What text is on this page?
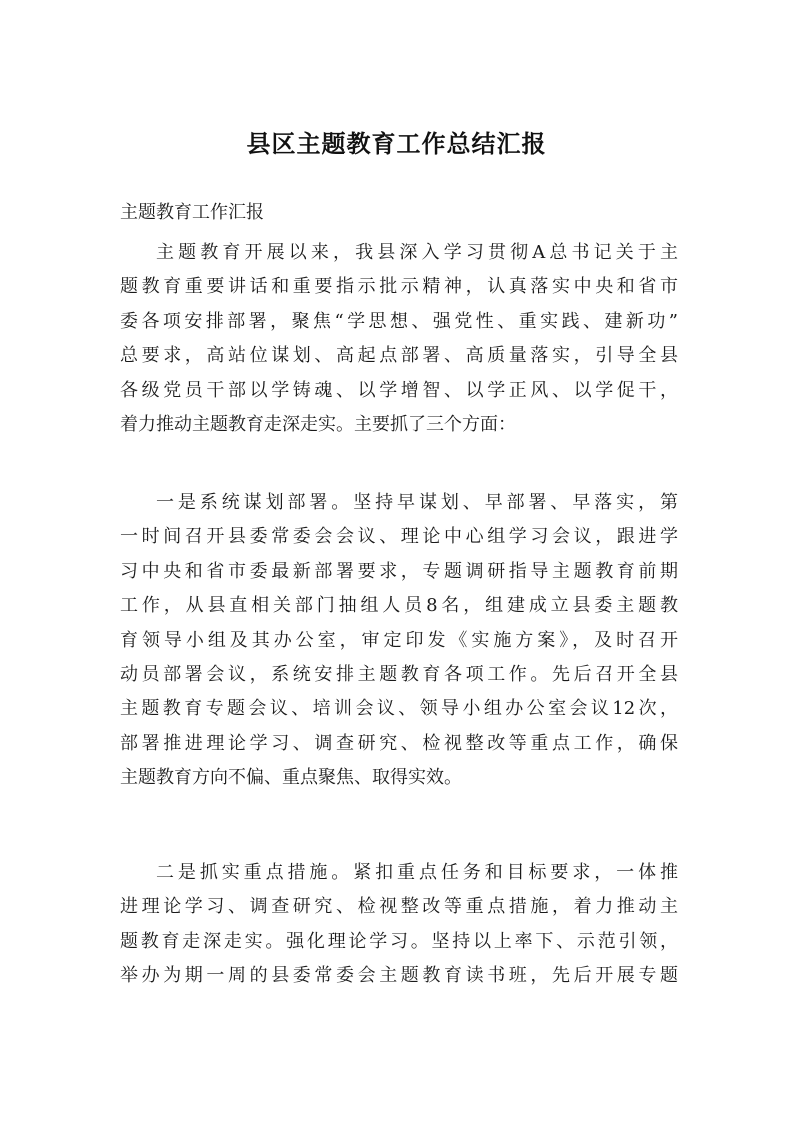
县区主题教育工作总结汇报

主题教育工作汇报

主题教育开展以来，我县深入学习贯彻A总书记关于主
题教育重要讲话和重要指示批示精神，认真落实中央和省市
委各项安排部署，聚焦“学思想、强党性、重实践、建新功”
总要求，高站位谋划、高起点部署、高质量落实，引导全县
各级党员干部以学铸魂、以学增智、以学正风、以学促干，
着力推动主题教育走深走实。主要抓了三个方面：
一是系统谋划部署。坚持早谋划、早部署、早落实，第
一时间召开县委常委会会议、理论中心组学习会议，跟进学
习中央和省市委最新部署要求，专题调研指导主题教育前期
工作，从县直相关部门抽组人员8名，组建成立县委主题教
育领导小组及其办公室，审定印发《实施方案》，及时召开
动员部署会议，系统安排主题教育各项工作。先后召开全县
主题教育专题会议、培训会议、领导小组办公室会议12次，
部署推进理论学习、调查研究、检视整改等重点工作，确保
主题教育方向不偏、重点聚焦、取得实效。
二是抓实重点措施。紧扣重点任务和目标要求，一体推
进理论学习、调查研究、检视整改等重点措施，着力推动主
题教育走深走实。强化理论学习。坚持以上率下、示范引领，
举办为期一周的县委常委会主题教育读书班，先后开展专题
